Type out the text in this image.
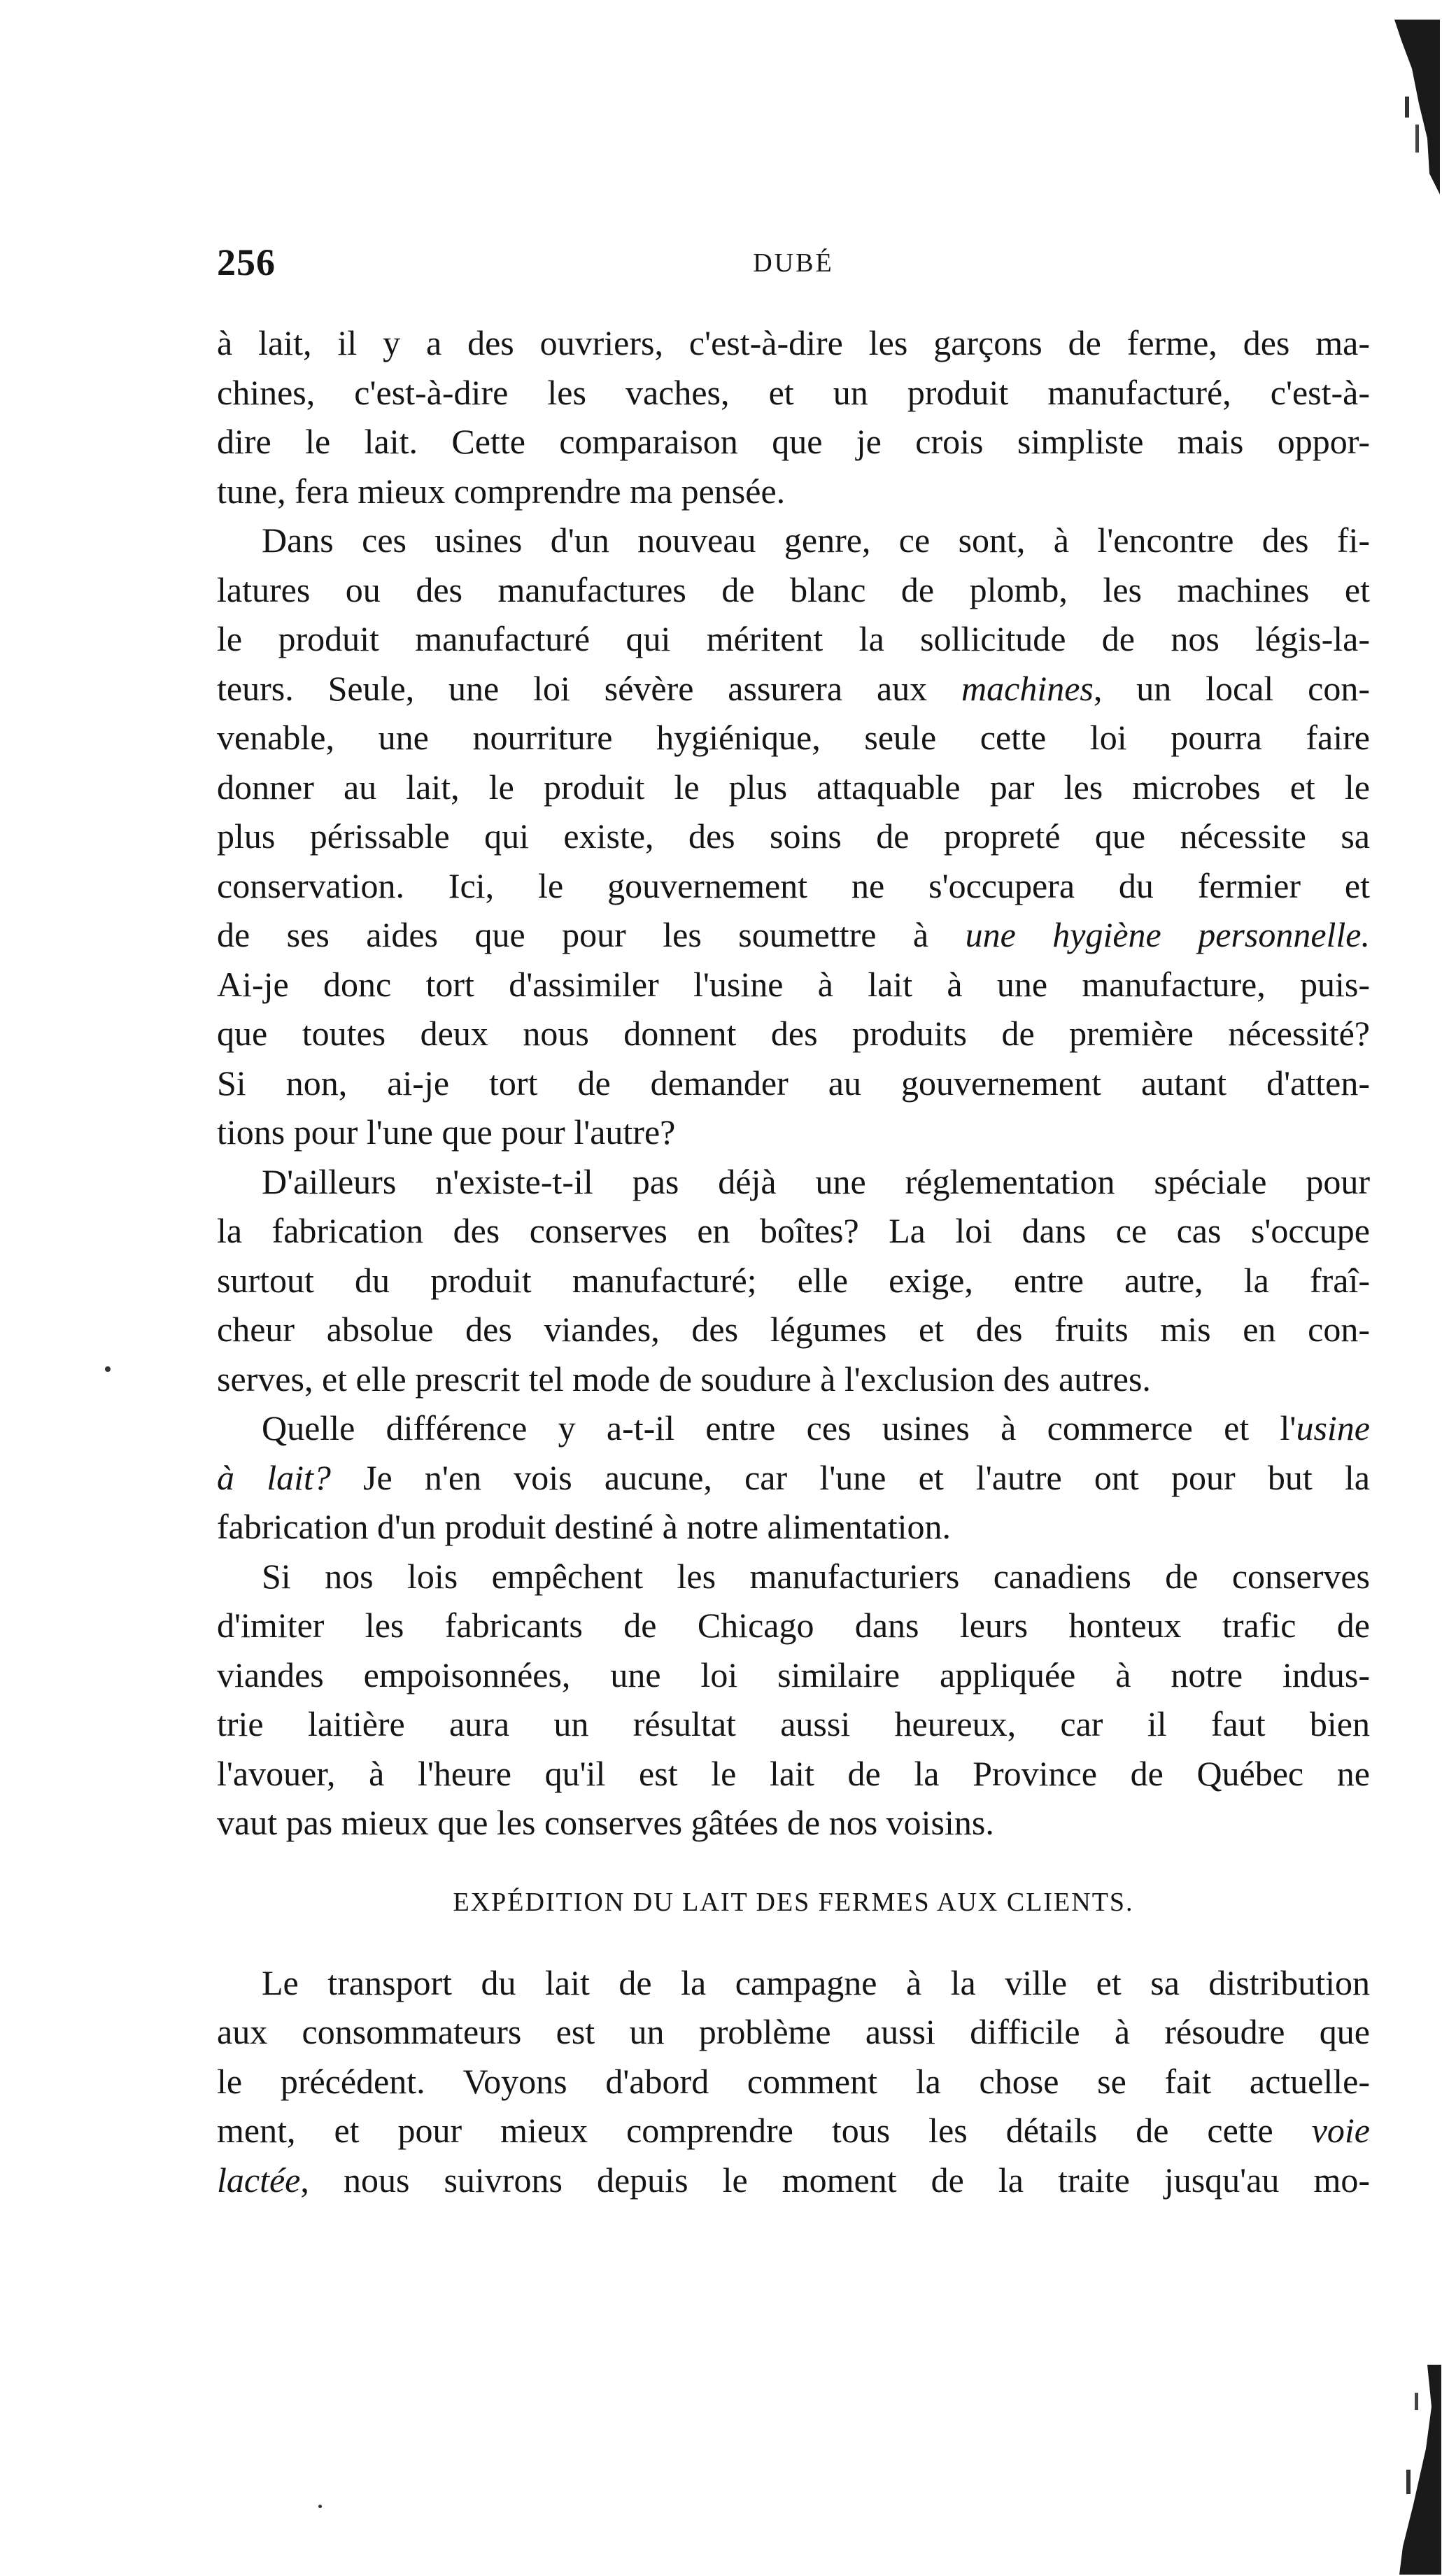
256	DUBÉ

à lait, il y a des ouvriers, c'est-à-dire les garçons de ferme, des ma-
chines, c'est-à-dire les vaches, et un produit manufacturé, c'est-à-
dire le lait. Cette comparaison que je crois simpliste mais oppor-
tune, fera mieux comprendre ma pensée.

Dans ces usines d'un nouveau genre, ce sont, à l'encontre des fi-
latures ou des manufactures de blanc de plomb, les machines et
le produit manufacturé qui méritent la sollicitude de nos légis-la-
teurs. Seule, une loi sévère assurera aux machines, un local con-
venable, une nourriture hygiénique, seule cette loi pourra faire
donner au lait, le produit le plus attaquable par les microbes et le
plus périssable qui existe, des soins de propreté que nécessite sa
conservation. Ici, le gouvernement ne s'occupera du fermier et
de ses aides que pour les soumettre à une hygiène personnelle.
Ai-je donc tort d'assimiler l'usine à lait à une manufacture, puis-
que toutes deux nous donnent des produits de première nécessité?
Si non, ai-je tort de demander au gouvernement autant d'atten-
tions pour l'une que pour l'autre?

D'ailleurs n'existe-t-il pas déjà une réglementation spéciale pour
la fabrication des conserves en boîtes? La loi dans ce cas s'occupe
surtout du produit manufacturé; elle exige, entre autre, la fraî-
cheur absolue des viandes, des légumes et des fruits mis en con-
serves, et elle prescrit tel mode de soudure à l'exclusion des autres.

Quelle différence y a-t-il entre ces usines à commerce et l'usine
à lait? Je n'en vois aucune, car l'une et l'autre ont pour but la
fabrication d'un produit destiné à notre alimentation.

Si nos lois empêchent les manufacturiers canadiens de conserves
d'imiter les fabricants de Chicago dans leurs honteux trafic de
viandes empoisonnées, une loi similaire appliquée à notre indus-
trie laitière aura un résultat aussi heureux, car il faut bien
l'avouer, à l'heure qu'il est le lait de la Province de Québec ne
vaut pas mieux que les conserves gâtées de nos voisins.

EXPÉDITION DU LAIT DES FERMES AUX CLIENTS.

Le transport du lait de la campagne à la ville et sa distribution
aux consommateurs est un problème aussi difficile à résoudre que
le précédent. Voyons d'abord comment la chose se fait actuelle-
ment, et pour mieux comprendre tous les détails de cette voie
lactée, nous suivrons depuis le moment de la traite jusqu'au mo-
